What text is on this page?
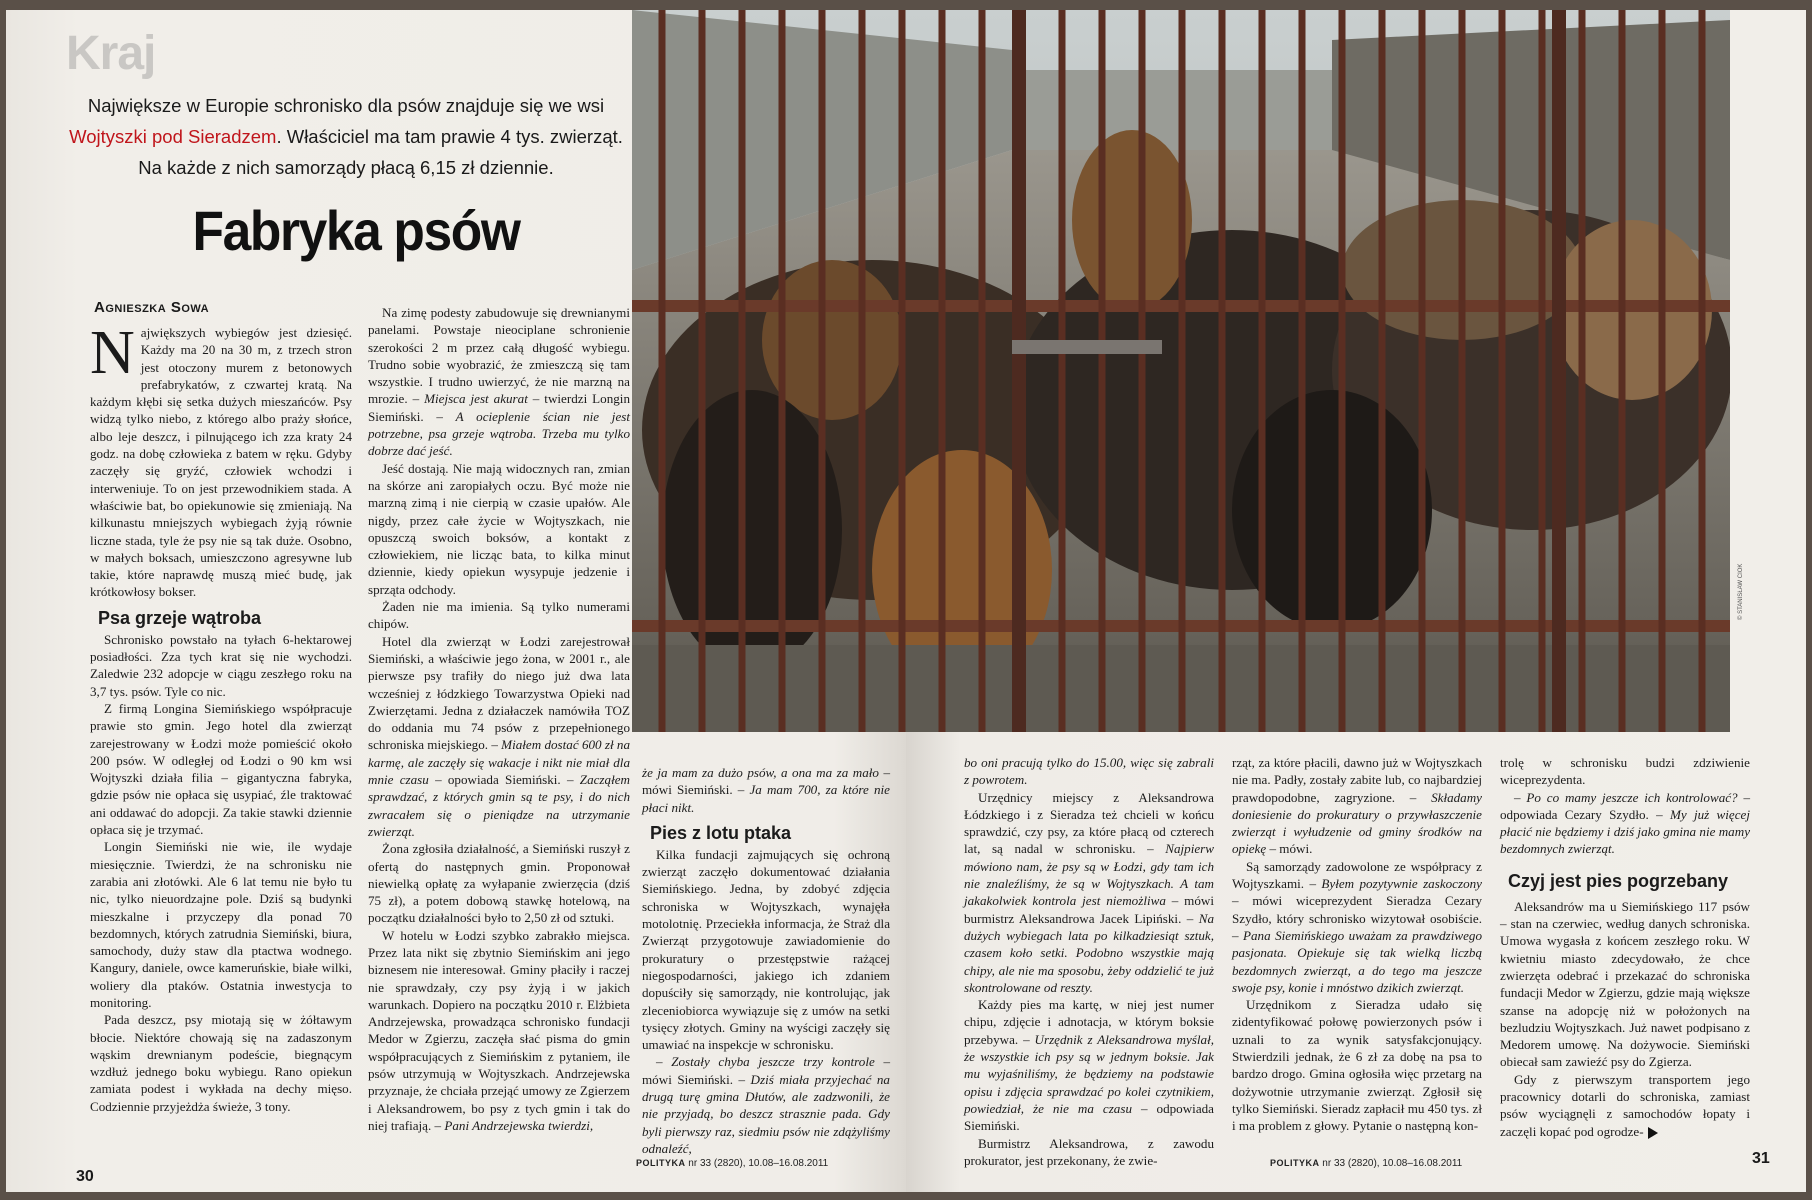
Kraj
Największe w Europie schronisko dla psów znajduje się we wsi Wojtyszki pod Sieradzem. Właściciel ma tam prawie 4 tys. zwierząt. Na każde z nich samorządy płacą 6,15 zł dziennie.
Fabryka psów
Agnieszka Sowa

Największych wybiegów jest dziesięć. Każdy ma 20 na 30 m, z trzech stron jest otoczony murem z betonowych prefabrykatów, z czwartej kratą. Na każdym kłębi się setka dużych mieszańców. Psy widzą tylko niebo, z którego albo praży słońce, albo leje deszcz, i pilnującego ich zza kraty 24 godz. na dobę człowieka z batem w ręku. Gdyby zaczęły się gryźć, człowiek wchodzi i interweniuje. To on jest przewodnikiem stada. A właściwie bat, bo opiekunowie się zmieniają. Na kilkunastu mniejszych wybiegach żyją równie liczne stada, tyle że psy nie są tak duże. Osobno, w małych boksach, umieszczono agresywne lub takie, które naprawdę muszą mieć budę, jak krótkowłosy bokser.

Psa grzeje wątroba

Schronisko powstało na tyłach 6-hektarowej posiadłości. Zza tych krat się nie wychodzi. Zaledwie 232 adopcje w ciągu zeszłego roku na 3,7 tys. psów. Tyle co nic.

Z firmą Longina Siemińskiego współpracuje prawie sto gmin. Jego hotel dla zwierząt zarejestrowany w Łodzi może pomieścić około 200 psów. W odległej od Łodzi o 90 km wsi Wojtyszki działa filia – gigantyczna fabryka, gdzie psów nie opłaca się usypiać, źle traktować ani oddawać do adopcji. Za takie stawki dziennie opłaca się je trzymać.

Longin Siemiński nie wie, ile wydaje miesięcznie. Twierdzi, że na schronisku nie zarabia ani złotówki. Ale 6 lat temu nie było tu nic, tylko nieuordzajne pole. Dziś są budynki mieszkalne i przyczepy dla ponad 70 bezdomnych, których zatrudnia Siemiński, biura, samochody, duży staw dla ptactwa wodnego. Kangury, daniele, owce kameruńskie, białe wilki, woliery dla ptaków. Ostatnia inwestycja to monitoring.

Pada deszcz, psy miotają się w żółtawym błocie. Niektóre chowają się na zadaszonym wąskim drewnianym podeście, biegnącym wzdłuż jednego boku wybiegu. Rano opiekun zamiata podest i wykłada na dechy mięso. Codziennie przyjeżdża świeże, 3 tony.

Na zimę podesty zabudowuje się drewnianymi panelami. Powstaje nieociplane schronienie szerokości 2 m przez całą długość wybiegu. Trudno sobie wyobrazić, że zmieszczą się tam wszystkie. I trudno uwierzyć, że nie marzną na mrozie. – Miejsca jest akurat – twierdzi Longin Siemiński. – A ocieplenie ścian nie jest potrzebne, psa grzeje wątroba. Trzeba mu tylko dobrze dać jeść.

Jeść dostają. Nie mają widocznych ran, zmian na skórze ani zaropiałych oczu. Być może nie marzną zimą i nie cierpią w czasie upałów. Ale nigdy, przez całe życie w Wojtyszkach, nie opuszczą swoich boksów, a kontakt z człowiekiem, nie licząc bata, to kilka minut dziennie, kiedy opiekun wysypuje jedzenie i sprząta odchody.

Żaden nie ma imienia. Są tylko numerami chipów.

Hotel dla zwierząt w Łodzi zarejestrował Siemiński, a właściwie jego żona, w 2001 r., ale pierwsze psy trafiły do niego już dwa lata wcześniej z łódzkiego Towarzystwa Opieki nad Zwierzętami. Jedna z działaczek namówiła TOZ do oddania mu 74 psów z przepełnionego schroniska miejskiego. – Miałem dostać 600 zł na karmę, ale zaczęły się wakacje i nikt nie miał dla mnie czasu – opowiada Siemiński. – Zacząłem sprawdzać, z których gmin są te psy, i do nich zwracałem się o pieniądze na utrzymanie zwierząt.

Żona zgłosiła działalność, a Siemiński ruszył z ofertą do następnych gmin. Proponował niewielką opłatę za wyłapanie zwierzęcia (dziś 75 zł), a potem dobową stawkę hotelową, na początku działalności było to 2,50 zł od sztuki.

W hotelu w Łodzi szybko zabrakło miejsca. Przez lata nikt się zbytnio Siemińskim ani jego biznesem nie interesował. Gminy płaciły i raczej nie sprawdzały, czy psy żyją i w jakich warunkach. Dopiero na początku 2010 r. Elżbieta Andrzejewska, prowadząca schronisko fundacji Medor w Zgierzu, zaczęła słać pisma do gmin współpracujących z Siemińskim z pytaniem, ile psów utrzymują w Wojtyszkach. Andrzejewska przyznaje, że chciała przejąć umowy ze Zgierzem i Aleksandrowem, bo psy z tych gmin i tak do niej trafiają. – Pani Andrzejewska twierdzi,

że ja mam za dużo psów, a ona ma za mało – mówi Siemiński. – Ja mam 700, za które nie płaci nikt.

Pies z lotu ptaka

Kilka fundacji zajmujących się ochroną zwierząt zaczęło dokumentować działania Siemińskiego. Jedna, by zdobyć zdjęcia schroniska w Wojtyszkach, wynajęła motolotnię. Przeciekła informacja, że Straż dla Zwierząt przygotowuje zawiadomienie do prokuratury o przestępstwie rażącej niegospodarności, jakiego ich zdaniem dopuściły się samorządy, nie kontrolując, jak zleceniobiorca wywiązuje się z umów na setki tysięcy złotych. Gminy na wyścigi zaczęły się umawiać na inspekcje w schronisku.

– Zostały chyba jeszcze trzy kontrole – mówi Siemiński. – Dziś miała przyjechać na drugą turę gmina Dłutów, ale zadzwonili, że nie przyjadą, bo deszcz strasznie pada. Gdy byli pierwszy raz, siedmiu psów nie zdążyliśmy odnaleźć,

30
POLITYKA nr 33 (2820), 10.08–16.08.2011

bo oni pracują tylko do 15.00, więc się zabrali z powrotem.

Urzędnicy miejscy z Aleksandrowa Łódzkiego i z Sieradza też chcieli w końcu sprawdzić, czy psy, za które płacą od czterech lat, są nadal w schronisku. – Najpierw mówiono nam, że psy są w Łodzi, gdy tam ich nie znaleźliśmy, że są w Wojtyszkach. A tam jakakolwiek kontrola jest niemożliwa – mówi burmistrz Aleksandrowa Jacek Lipiński. – Na dużych wybiegach lata po kilkadziesiąt sztuk, czasem koło setki. Podobno wszystkie mają chipy, ale nie ma sposobu, żeby oddzielić te już skontrolowane od reszty.

Każdy pies ma kartę, w niej jest numer chipu, zdjęcie i adnotacja, w którym boksie przebywa. – Urzędnik z Aleksandrowa myślał, że wszystkie ich psy są w jednym boksie. Jak mu wyjaśniliśmy, że będziemy na podstawie opisu i zdjęcia sprawdzać po kolei czytnikiem, powiedział, że nie ma czasu – odpowiada Siemiński.

Burmistrz Aleksandrowa, z zawodu prokurator, jest przekonany, że zwie-

rząt, za które płacili, dawno już w Wojtyszkach nie ma. Padły, zostały zabite lub, co najbardziej prawdopodobne, zagryzione. – Składamy doniesienie do prokuratury o przywłaszczenie zwierząt i wyłudzenie od gminy środków na opiekę – mówi.

Są samorządy zadowolone ze współpracy z Wojtyszkami. – Byłem pozytywnie zaskoczony – mówi wiceprezydent Sieradza Cezary Szydło, który schronisko wizytował osobiście. – Pana Siemińskiego uważam za prawdziwego pasjonata. Opiekuje się tak wielką liczbą bezdomnych zwierząt, a do tego ma jeszcze swoje psy, konie i mnóstwo dzikich zwierząt.

Urzędnikom z Sieradza udało się zidentyfikować połowę powierzonych psów i uznali to za wynik satysfakcjonujący. Stwierdzili jednak, że 6 zł za dobę na psa to bardzo drogo. Gmina ogłosiła więc przetarg na dożywotnie utrzymanie zwierząt. Zgłosił się tylko Siemiński. Sieradz zapłacił mu 450 tys. zł i ma problem z głowy. Pytanie o następną kon-

trolę w schronisku budzi zdziwienie wiceprezydenta.

– Po co mamy jeszcze ich kontrolować? – odpowiada Cezary Szydło. – My już więcej płacić nie będziemy i dziś jako gmina nie mamy bezdomnych zwierząt.

Czyj jest pies pogrzebany

Aleksandrów ma u Siemińskiego 117 psów – stan na czerwiec, według danych schroniska. Umowa wygasła z końcem zeszłego roku. W kwietniu miasto zdecydowało, że chce zwierzęta odebrać i przekazać do schroniska fundacji Medor w Zgierzu, gdzie mają większe szanse na adopcję niż w położonych na bezludziu Wojtyszkach. Już nawet podpisano z Medorem umowę. Na dożywocie. Siemiński obiecał sam zawieźć psy do Zgierza.

Gdy z pierwszym transportem jego pracownicy dotarli do schroniska, zamiast psów wyciągnęli z samochodów łopaty i zaczęli kopać pod ogrodze-

POLITYKA nr 33 (2820), 10.08–16.08.2011	31
© STANISŁAW CIOK
